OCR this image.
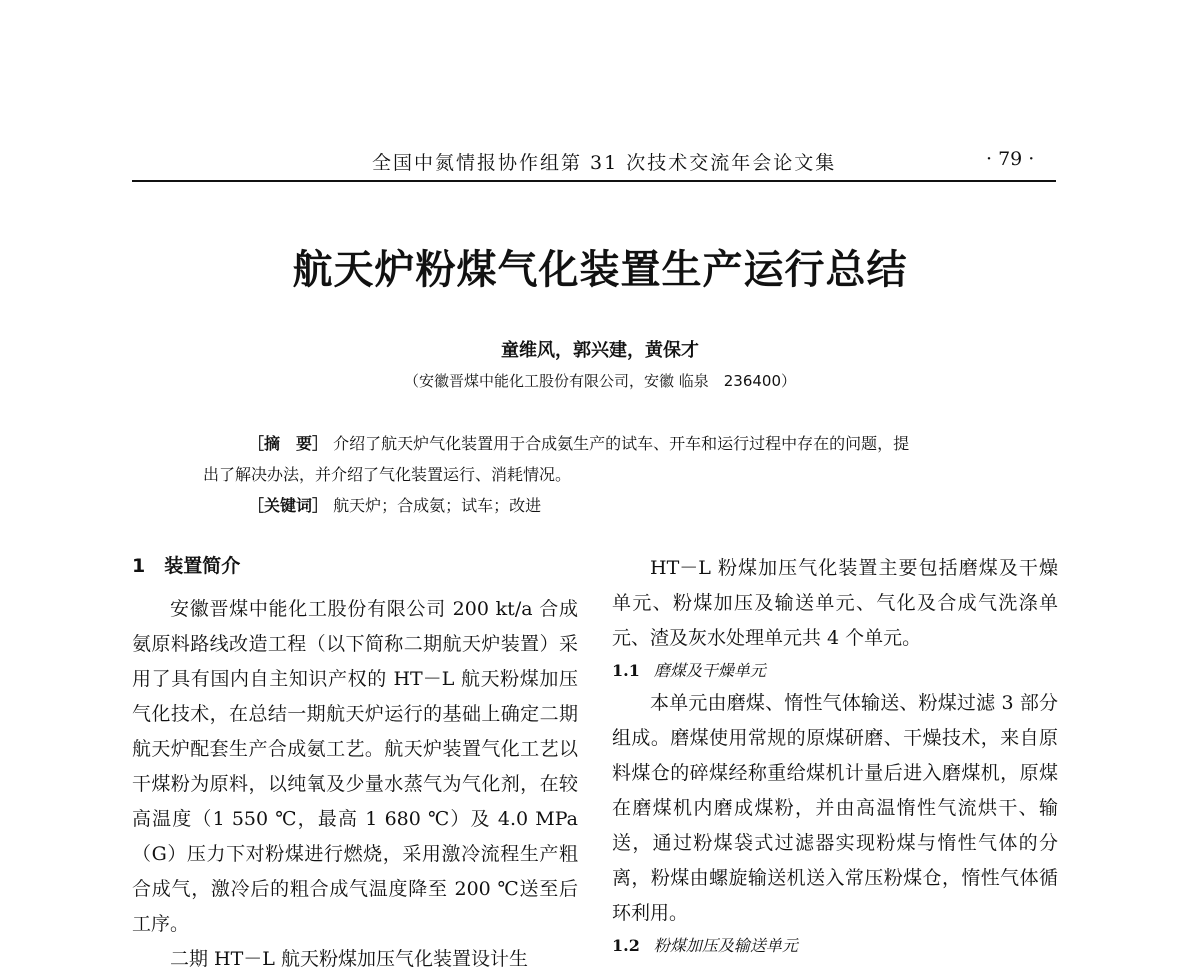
全国中氮情报协作组第 31 次技术交流年会论文集	· 79 ·
航天炉粉煤气化装置生产运行总结
童维风，郭兴建，黄保才
（安徽晋煤中能化工股份有限公司，安徽 临泉　236400）
［摘　要］ 介绍了航天炉气化装置用于合成氨生产的试车、开车和运行过程中存在的问题，提
出了解决办法，并介绍了气化装置运行、消耗情况。
［关键词］ 航天炉；合成氨；试车；改进
1　装置简介

安徽晋煤中能化工股份有限公司 200 kt/a 合成氨原料路线改造工程（以下简称二期航天炉装置）采用了具有国内自主知识产权的 HT－L 航天粉煤加压气化技术，在总结一期航天炉运行的基础上确定二期航天炉配套生产合成氨工艺。航天炉装置气化工艺以干煤粉为原料，以纯氧及少量水蒸气为气化剂，在较高温度（1 550 ℃，最高 1 680 ℃）及 4.0 MPa（G）压力下对粉煤进行燃烧，采用激冷流程生产粗合成气，激冷后的粗合成气温度降至 200 ℃送至后工序。

二期 HT－L 航天粉煤加压气化装置设计生

HT－L 粉煤加压气化装置主要包括磨煤及干燥单元、粉煤加压及输送单元、气化及合成气洗涤单元、渣及灰水处理单元共 4 个单元。

1.1 磨煤及干燥单元

本单元由磨煤、惰性气体输送、粉煤过滤 3 部分组成。磨煤使用常规的原煤研磨、干燥技术，来自原料煤仓的碎煤经称重给煤机计量后进入磨煤机，原煤在磨煤机内磨成煤粉，并由高温惰性气流烘干、输送，通过粉煤袋式过滤器实现粉煤与惰性气体的分离，粉煤由螺旋输送机送入常压粉煤仓，惰性气体循环利用。

1.2 粉煤加压及输送单元
